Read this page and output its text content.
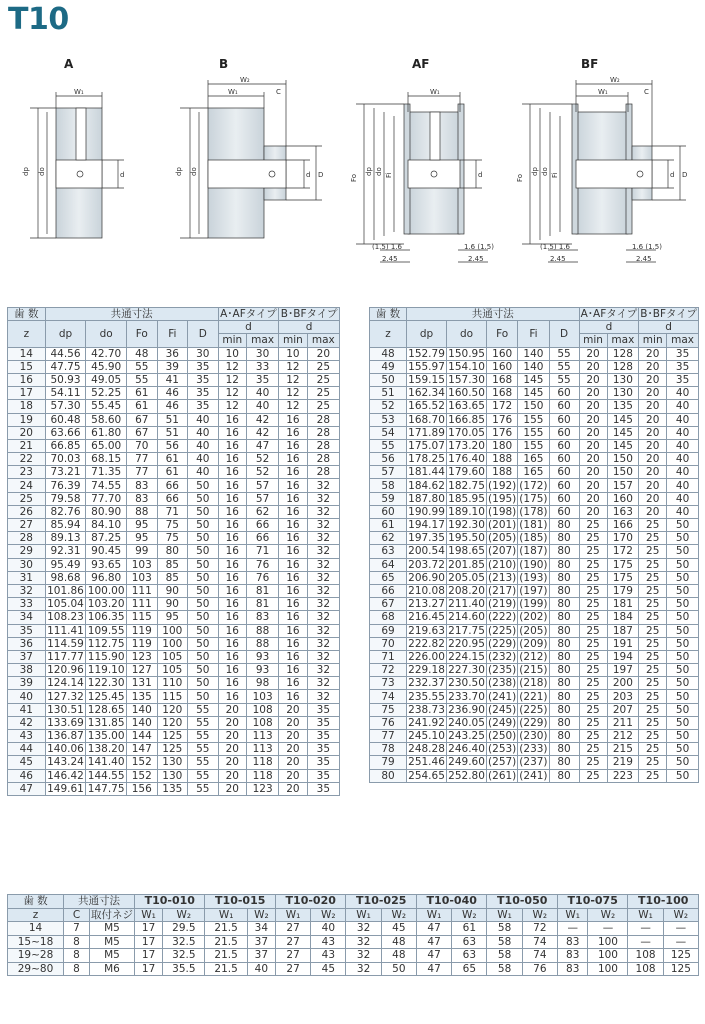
T10
A	B	AF	BF
W₁
dp do	d
W₂
W₁	C
dp do	d D
W₁
Fo
dp do Fi	d
(1.5) 1.6
2.45
1.6 (1.5)
2.45
W₂
W₁	C
Fo
dp do Fi	d D
(1.5) 1.6
2.45
1.6 (1.5)
2.45
歯 数	共通寸法					A･AFタイプ		B･BFタイプ	
z	dp	do	Fo	Fi	D	d		d	
						min	max	min	max
14	44.56	42.70	48	36	30	10	30	10	20
15	47.75	45.90	55	39	35	12	33	12	25
16	50.93	49.05	55	41	35	12	35	12	25
17	54.11	52.25	61	46	35	12	40	12	25
18	57.30	55.45	61	46	35	12	40	12	25
19	60.48	58.60	67	51	40	16	42	16	28
20	63.66	61.80	67	51	40	16	42	16	28
21	66.85	65.00	70	56	40	16	47	16	28
22	70.03	68.15	77	61	40	16	52	16	28
23	73.21	71.35	77	61	40	16	52	16	28
24	76.39	74.55	83	66	50	16	57	16	32
25	79.58	77.70	83	66	50	16	57	16	32
26	82.76	80.90	88	71	50	16	62	16	32
27	85.94	84.10	95	75	50	16	66	16	32
28	89.13	87.25	95	75	50	16	66	16	32
29	92.31	90.45	99	80	50	16	71	16	32
30	95.49	93.65	103	85	50	16	76	16	32
31	98.68	96.80	103	85	50	16	76	16	32
32	101.86	100.00	111	90	50	16	81	16	32
33	105.04	103.20	111	90	50	16	81	16	32
34	108.23	106.35	115	95	50	16	83	16	32
35	111.41	109.55	119	100	50	16	88	16	32
36	114.59	112.75	119	100	50	16	88	16	32
37	117.77	115.90	123	105	50	16	93	16	32
38	120.96	119.10	127	105	50	16	93	16	32
39	124.14	122.30	131	110	50	16	98	16	32
40	127.32	125.45	135	115	50	16	103	16	32
41	130.51	128.65	140	120	55	20	108	20	35
42	133.69	131.85	140	120	55	20	108	20	35
43	136.87	135.00	144	125	55	20	113	20	35
44	140.06	138.20	147	125	55	20	113	20	35
45	143.24	141.40	152	130	55	20	118	20	35
46	146.42	144.55	152	130	55	20	118	20	35
47	149.61	147.75	156	135	55	20	123	20	35
歯 数	共通寸法					A･AFタイプ		B･BFタイプ	
z	dp	do	Fo	Fi	D	d		d	
						min	max	min	max
48	152.79	150.95	160	140	55	20	128	20	35
49	155.97	154.10	160	140	55	20	128	20	35
50	159.15	157.30	168	145	55	20	130	20	35
51	162.34	160.50	168	145	60	20	130	20	40
52	165.52	163.65	172	150	60	20	135	20	40
53	168.70	166.85	176	155	60	20	145	20	40
54	171.89	170.05	176	155	60	20	145	20	40
55	175.07	173.20	180	155	60	20	145	20	40
56	178.25	176.40	188	165	60	20	150	20	40
57	181.44	179.60	188	165	60	20	150	20	40
58	184.62	182.75	(192)	(172)	60	20	157	20	40
59	187.80	185.95	(195)	(175)	60	20	160	20	40
60	190.99	189.10	(198)	(178)	60	20	163	20	40
61	194.17	192.30	(201)	(181)	80	25	166	25	50
62	197.35	195.50	(205)	(185)	80	25	170	25	50
63	200.54	198.65	(207)	(187)	80	25	172	25	50
64	203.72	201.85	(210)	(190)	80	25	175	25	50
65	206.90	205.05	(213)	(193)	80	25	175	25	50
66	210.08	208.20	(217)	(197)	80	25	179	25	50
67	213.27	211.40	(219)	(199)	80	25	181	25	50
68	216.45	214.60	(222)	(202)	80	25	184	25	50
69	219.63	217.75	(225)	(205)	80	25	187	25	50
70	222.82	220.95	(229)	(209)	80	25	191	25	50
71	226.00	224.15	(232)	(212)	80	25	194	25	50
72	229.18	227.30	(235)	(215)	80	25	197	25	50
73	232.37	230.50	(238)	(218)	80	25	200	25	50
74	235.55	233.70	(241)	(221)	80	25	203	25	50
75	238.73	236.90	(245)	(225)	80	25	207	25	50
76	241.92	240.05	(249)	(229)	80	25	211	25	50
77	245.10	243.25	(250)	(230)	80	25	212	25	50
78	248.28	246.40	(253)	(233)	80	25	215	25	50
79	251.46	249.60	(257)	(237)	80	25	219	25	50
80	254.65	252.80	(261)	(241)	80	25	223	25	50
歯 数	共通寸法		T10-010		T10-015		T10-020		T10-025		T10-040		T10-050		T10-075		T10-100	
z	C	取付ネジ	W₁	W₂	W₁	W₂	W₁	W₂	W₁	W₂	W₁	W₂	W₁	W₂	W₁	W₂	W₁	W₂
14	7	M5	17	29.5	21.5	34	27	40	32	45	47	61	58	72	—	—	—	—
15~18	8	M5	17	32.5	21.5	37	27	43	32	48	47	63	58	74	83	100	—	—
19~28	8	M5	17	32.5	21.5	37	27	43	32	48	47	63	58	74	83	100	108	125
29~80	8	M6	17	35.5	21.5	40	27	45	32	50	47	65	58	76	83	100	108	125
